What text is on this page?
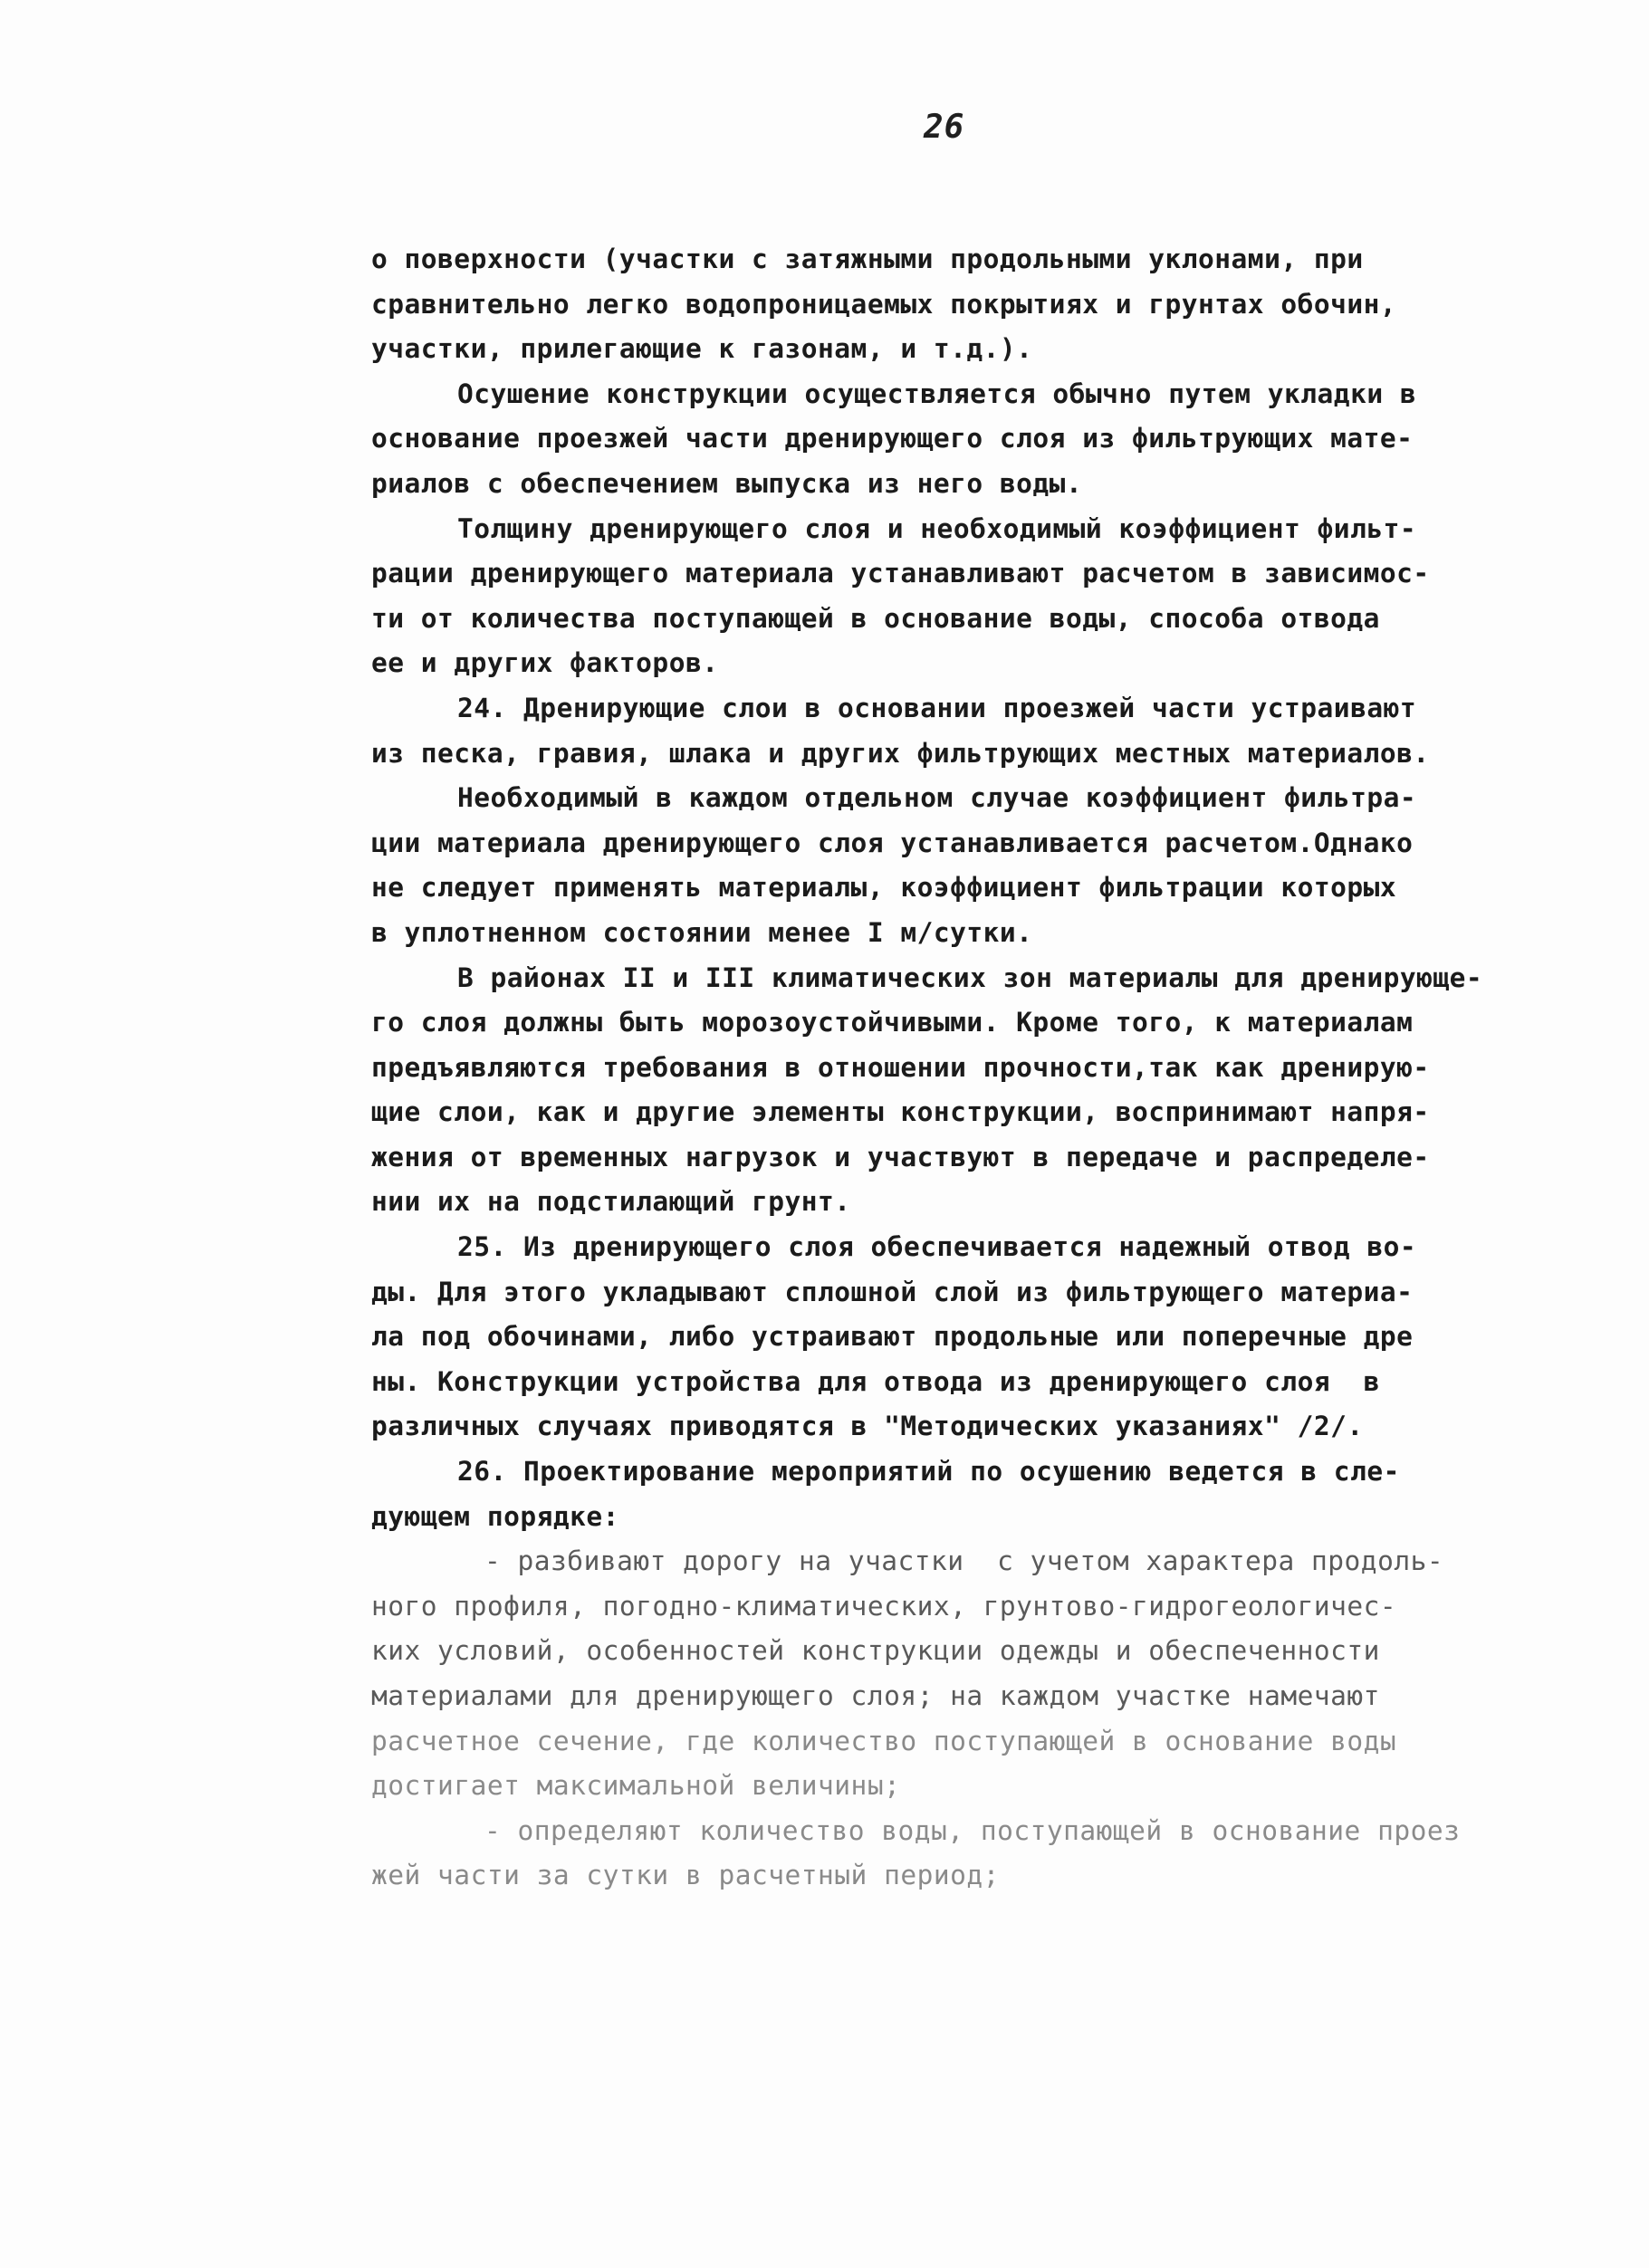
26
о поверхности (участки с затяжными продольными уклонами, при
сравнительно легко водопроницаемых покрытиях и грунтах обочин,
участки, прилегающие к газонам, и т.д.).
Осушение конструкции осуществляется обычно путем укладки в
основание проезжей части дренирующего слоя из фильтрующих мате-
риалов с обеспечением выпуска из него воды.
Толщину дренирующего слоя и необходимый коэффициент фильт-
рации дренирующего материала устанавливают расчетом в зависимос-
ти от количества поступающей в основание воды, способа отвода
ее и других факторов.
24. Дренирующие слои в основании проезжей части устраивают
из песка, гравия, шлака и других фильтрующих местных материалов.
Необходимый в каждом отдельном случае коэффициент фильтра-
ции материала дренирующего слоя устанавливается расчетом.Однако
не следует применять материалы, коэффициент фильтрации которых
в уплотненном состоянии менее I м/сутки.
В районах II и III климатических зон материалы для дренирующе-
го слоя должны быть морозоустойчивыми. Кроме того, к материалам
предъявляются требования в отношении прочности,так как дренирую-
щие слои, как и другие элементы конструкции, воспринимают напря-
жения от временных нагрузок и участвуют в передаче и распределе-
нии их на подстилающий грунт.
25. Из дренирующего слоя обеспечивается надежный отвод во-
ды. Для этого укладывают сплошной слой из фильтрующего материа-
ла под обочинами, либо устраивают продольные или поперечные дре
ны. Конструкции устройства для отвода из дренирующего слоя  в
различных случаях приводятся в "Методических указаниях" /2/.
26. Проектирование мероприятий по осушению ведется в сле-
дующем порядке:
- разбивают дорогу на участки  с учетом характера продоль-
ного профиля, погодно-климатических, грунтово-гидрогеологичес-
ких условий, особенностей конструкции одежды и обеспеченности
материалами для дренирующего слоя; на каждом участке намечают
расчетное сечение, где количество поступающей в основание воды
достигает максимальной величины;
- определяют количество воды, поступающей в основание проез
жей части за сутки в расчетный период;
